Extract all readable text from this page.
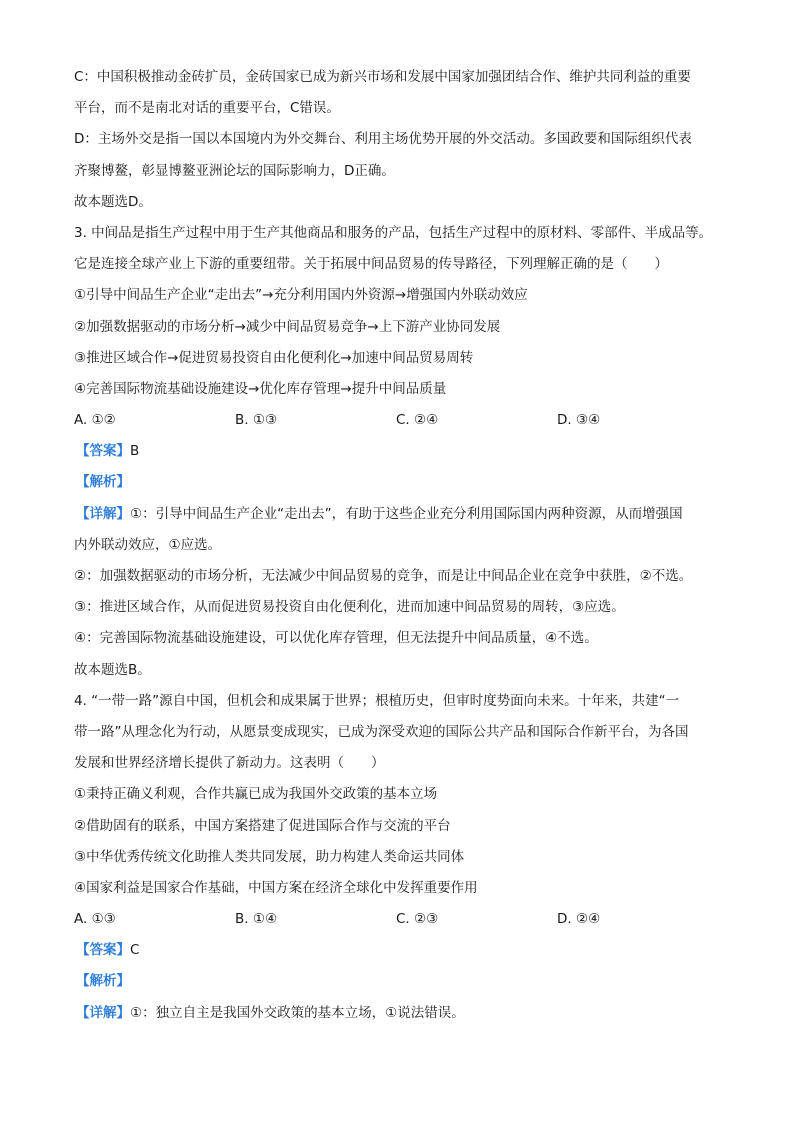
C：中国积极推动金砖扩员，金砖国家已成为新兴市场和发展中国家加强团结合作、维护共同利益的重要
平台，而不是南北对话的重要平台，C错误。
D：主场外交是指一国以本国境内为外交舞台、利用主场优势开展的外交活动。多国政要和国际组织代表
齐聚博鳌，彰显博鳌亚洲论坛的国际影响力，D正确。
故本题选D。
3. 中间品是指生产过程中用于生产其他商品和服务的产品，包括生产过程中的原材料、零部件、半成品等。
它是连接全球产业上下游的重要纽带。关于拓展中间品贸易的传导路径，下列理解正确的是（　　）
①引导中间品生产企业“走出去”→充分利用国内外资源→增强国内外联动效应
②加强数据驱动的市场分析→减少中间品贸易竞争→上下游产业协同发展
③推进区域合作→促进贸易投资自由化便利化→加速中间品贸易周转
④完善国际物流基础设施建设→优化库存管理→提升中间品质量
A. ①②	B. ①③	C. ②④	D. ③④
【答案】B
【解析】
【详解】①：引导中间品生产企业“走出去”，有助于这些企业充分利用国际国内两种资源，从而增强国
内外联动效应，①应选。
②：加强数据驱动的市场分析，无法减少中间品贸易的竞争，而是让中间品企业在竞争中获胜，②不选。
③：推进区域合作，从而促进贸易投资自由化便利化，进而加速中间品贸易的周转，③应选。
④：完善国际物流基础设施建设，可以优化库存管理，但无法提升中间品质量，④不选。
故本题选B。
4. “一带一路”源自中国，但机会和成果属于世界；根植历史，但审时度势面向未来。十年来，共建“一
带一路”从理念化为行动，从愿景变成现实，已成为深受欢迎的国际公共产品和国际合作新平台，为各国
发展和世界经济增长提供了新动力。这表明（　　）
①秉持正确义利观，合作共赢已成为我国外交政策的基本立场
②借助固有的联系，中国方案搭建了促进国际合作与交流的平台
③中华优秀传统文化助推人类共同发展，助力构建人类命运共同体
④国家利益是国家合作基础，中国方案在经济全球化中发挥重要作用
A. ①③	B. ①④	C. ②③	D. ②④
【答案】C
【解析】
【详解】①：独立自主是我国外交政策的基本立场，①说法错误。
